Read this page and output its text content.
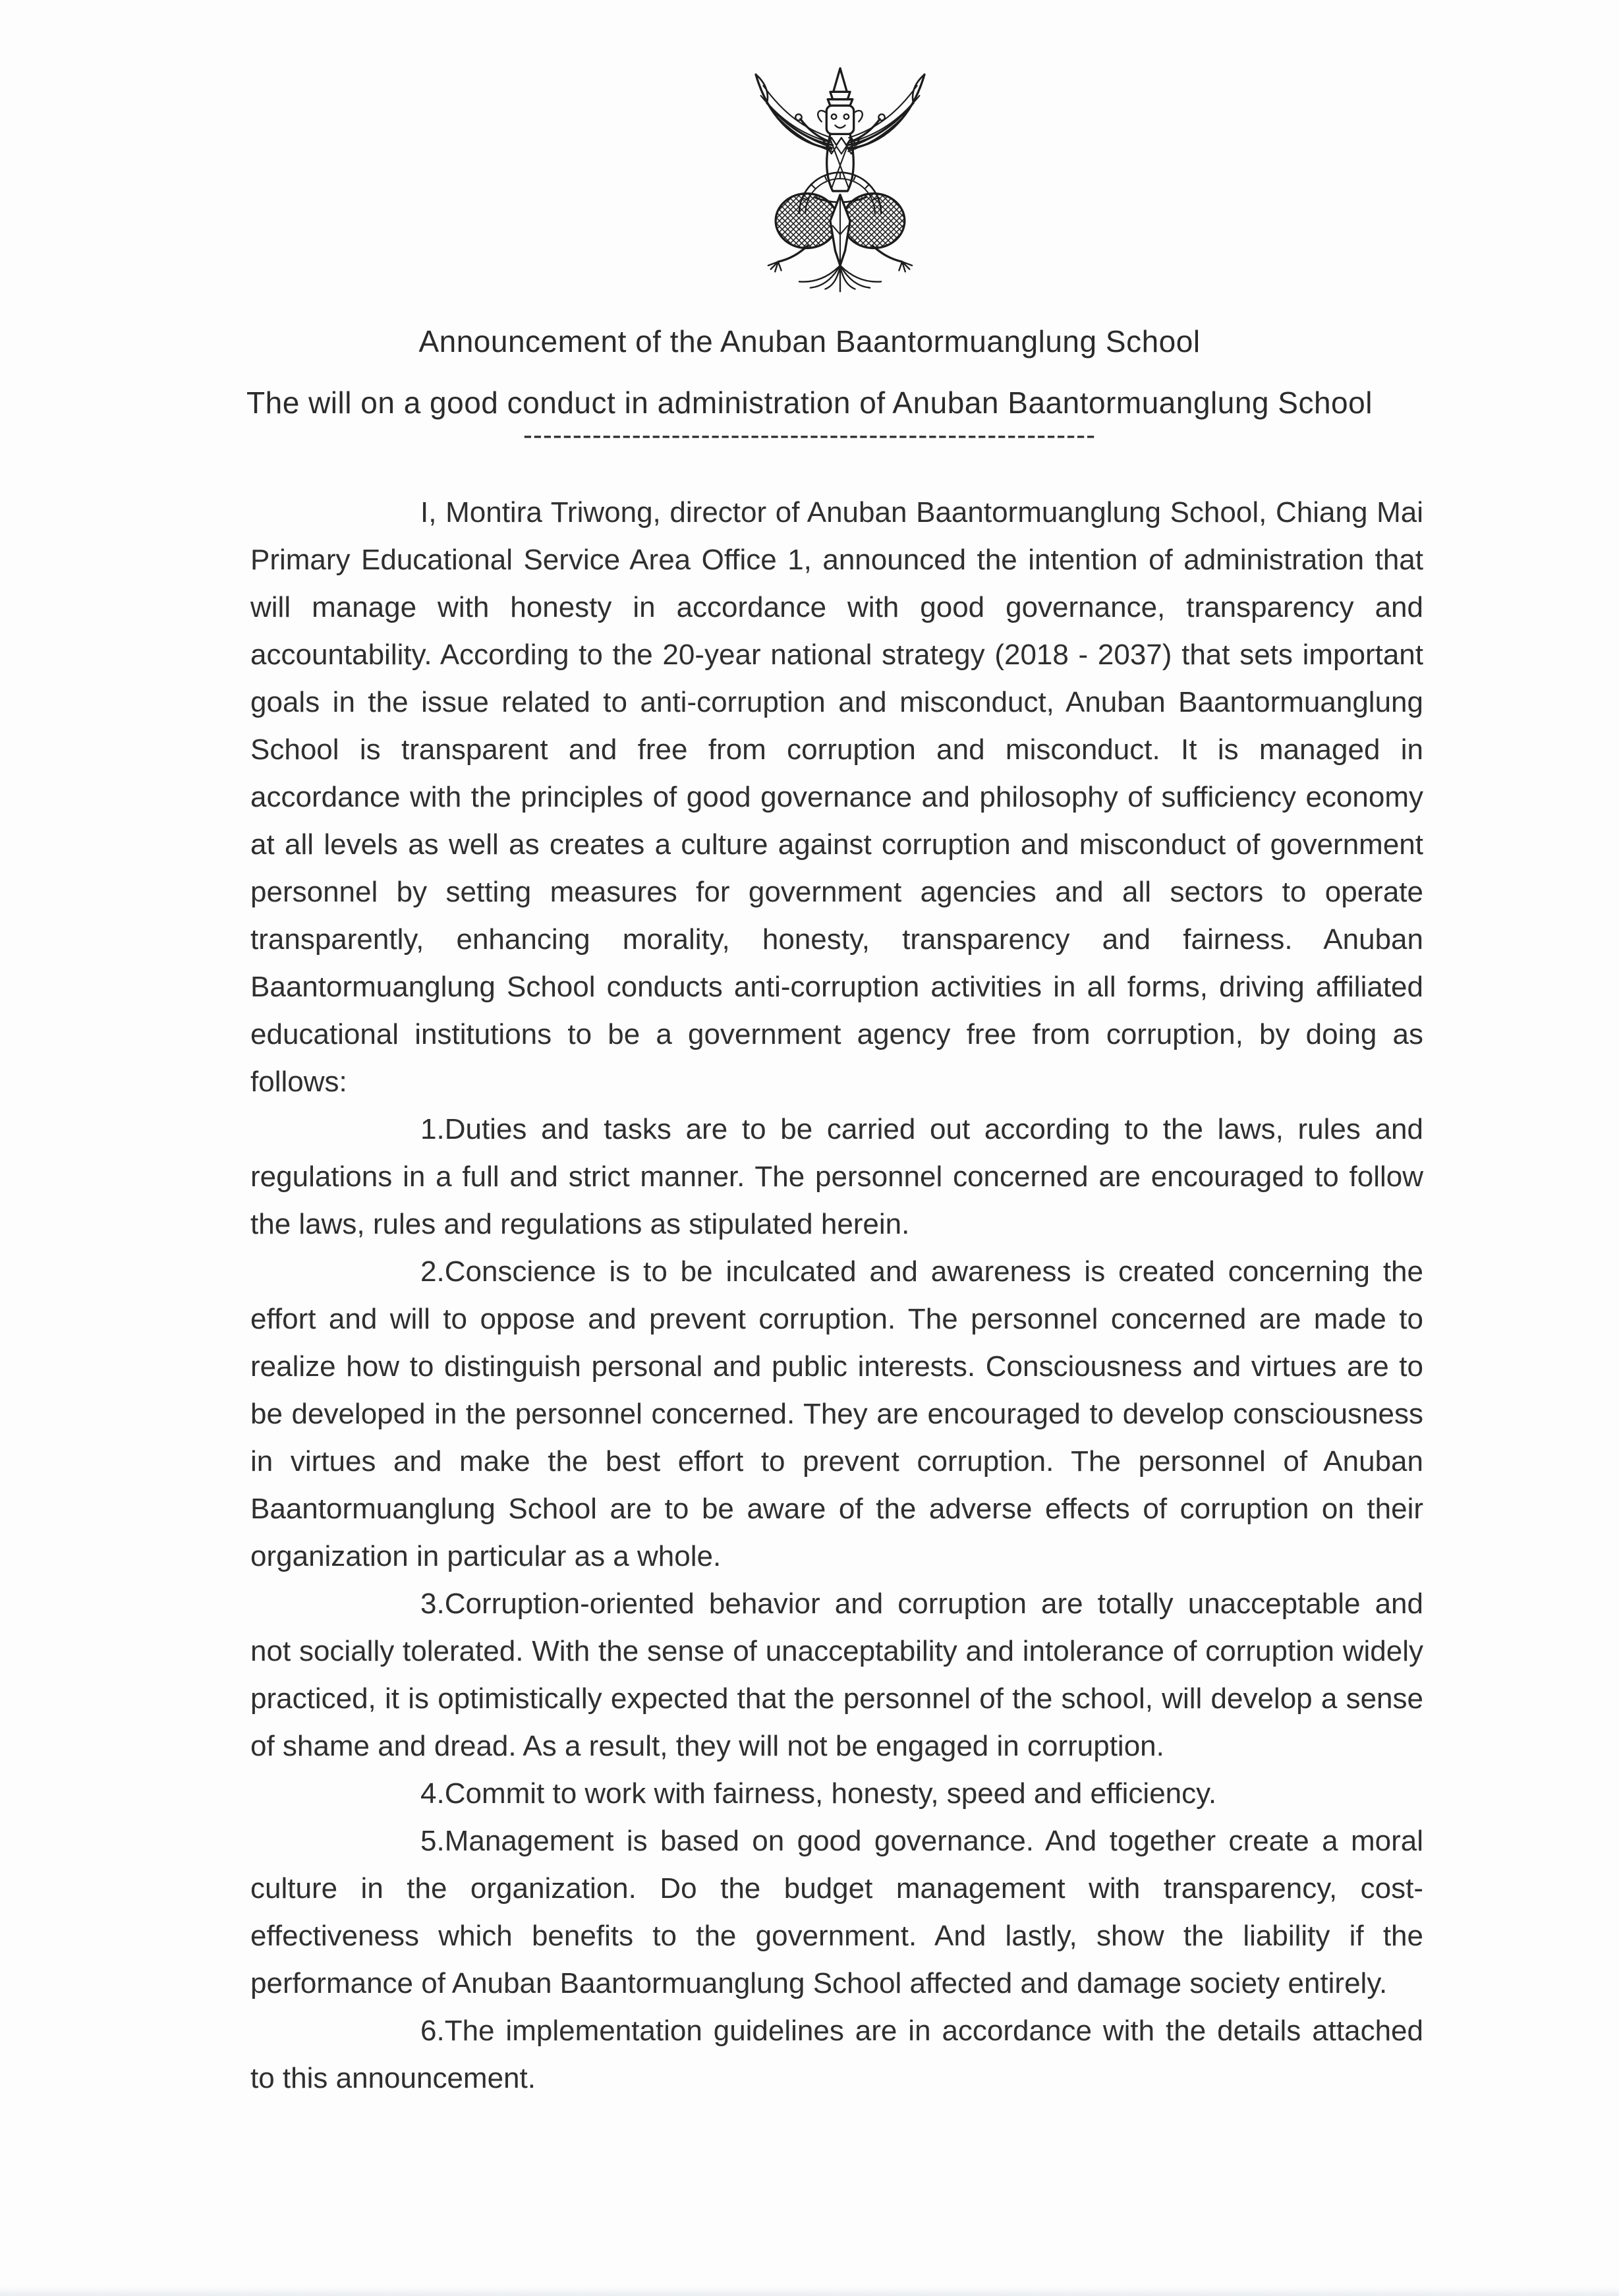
Announcement of the Anuban Baantormuanglung School
The will on a good conduct in administration of Anuban Baantormuanglung School
----------------------------------------------------------

I, Montira Triwong, director of Anuban Baantormuanglung School, Chiang Mai Primary Educational Service Area Office 1, announced the intention of administration that will manage with honesty in accordance with good governance, transparency and accountability. According to the 20-year national strategy (2018 - 2037) that sets important goals in the issue related to anti-corruption and misconduct, Anuban Baantormuanglung School is transparent and free from corruption and misconduct. It is managed in accordance with the principles of good governance and philosophy of sufficiency economy at all levels as well as creates a culture against corruption and misconduct of government personnel by setting measures for government agencies and all sectors to operate transparently, enhancing morality, honesty, transparency and fairness. Anuban Baantormuanglung School conducts anti-corruption activities in all forms, driving affiliated educational institutions to be a government agency free from corruption, by doing as follows:

1.Duties and tasks are to be carried out according to the laws, rules and regulations in a full and strict manner. The personnel concerned are encouraged to follow the laws, rules and regulations as stipulated herein.

2.Conscience is to be inculcated and awareness is created concerning the effort and will to oppose and prevent corruption. The personnel concerned are made to realize how to distinguish personal and public interests. Consciousness and virtues are to be developed in the personnel concerned. They are encouraged to develop consciousness in virtues and make the best effort to prevent corruption. The personnel of Anuban Baantormuanglung School are to be aware of the adverse effects of corruption on their organization in particular as a whole.

3.Corruption-oriented behavior and corruption are totally unacceptable and not socially tolerated. With the sense of unacceptability and intolerance of corruption widely practiced, it is optimistically expected that the personnel of the school, will develop a sense of shame and dread. As a result, they will not be engaged in corruption.

4.Commit to work with fairness, honesty, speed and efficiency.

5.Management is based on good governance. And together create a moral culture in the organization. Do the budget management with transparency, cost-effectiveness which benefits to the government. And lastly, show the liability if the performance of Anuban Baantormuanglung School affected and damage society entirely.

6.The implementation guidelines are in accordance with the details attached to this announcement.
